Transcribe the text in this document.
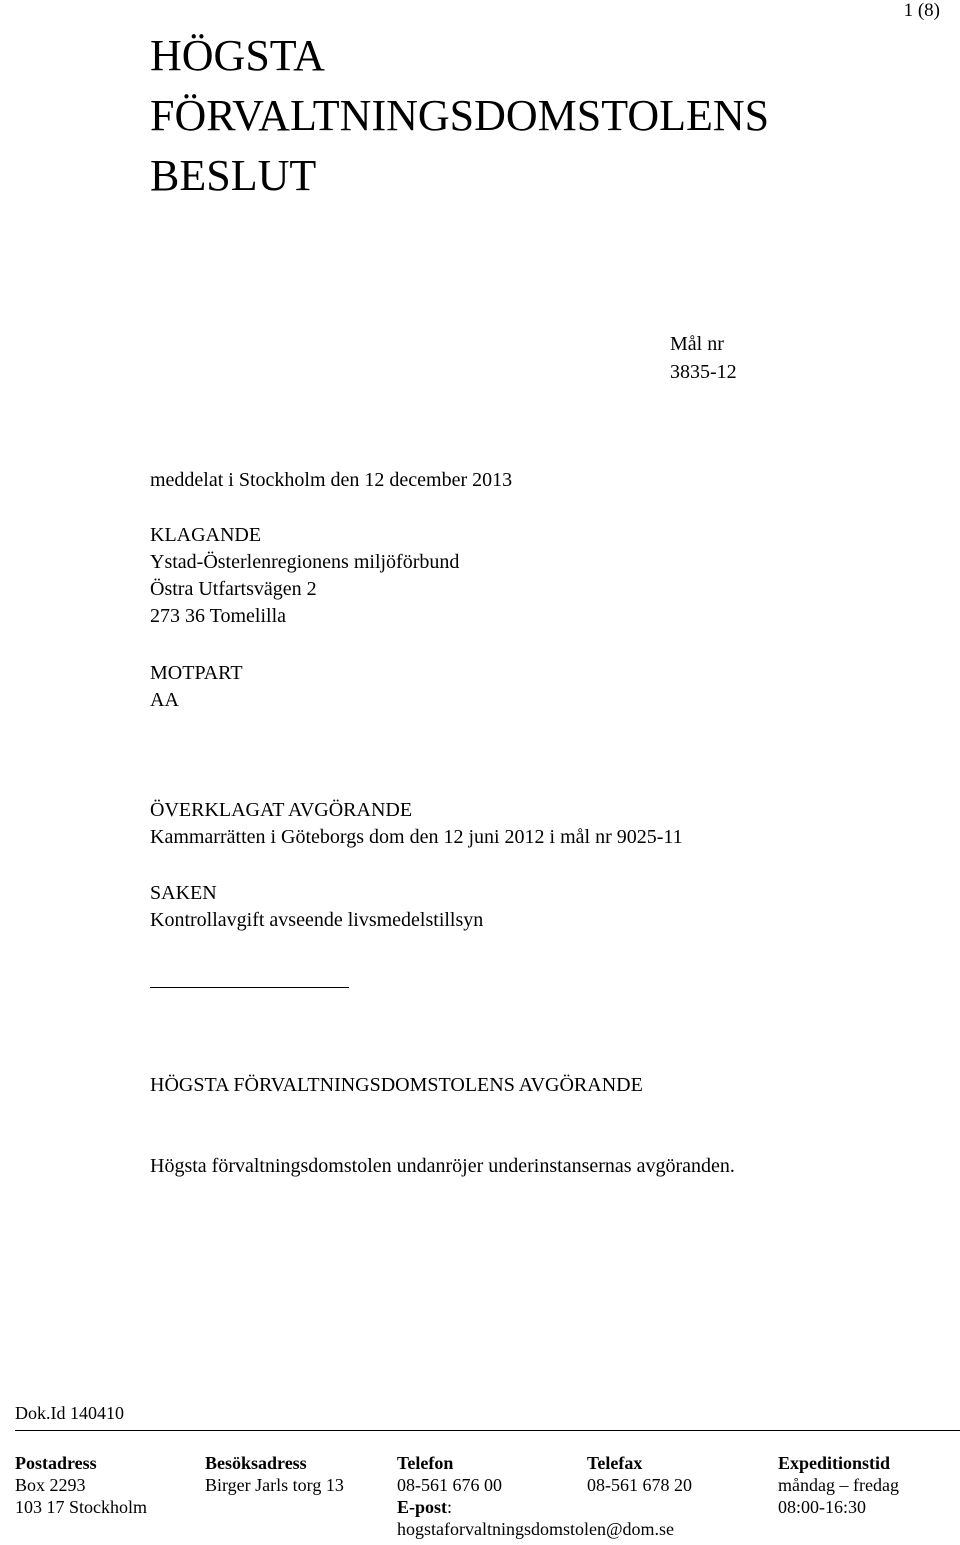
1 (8)
HÖGSTA
FÖRVALTNINGSDOMSTOLENS
BESLUT
Mål nr
3835-12
meddelat i Stockholm den 12 december 2013
KLAGANDE
Ystad-Österlenregionens miljöförbund
Östra Utfartsvägen 2
273 36 Tomelilla
MOTPART
AA
ÖVERKLAGAT AVGÖRANDE
Kammarrätten i Göteborgs dom den 12 juni 2012 i mål nr 9025-11
SAKEN
Kontrollavgift avseende livsmedelstillsyn
HÖGSTA FÖRVALTNINGSDOMSTOLENS AVGÖRANDE
Högsta förvaltningsdomstolen undanröjer underinstansernas avgöranden.
Dok.Id 140410
Postadress
Box 2293
103 17 Stockholm
Besöksadress
Birger Jarls torg 13
Telefon
08-561 676 00
E-post:
hogstaforvaltningsdomstolen@dom.se
Telefax
08-561 678 20
Expeditionstid
måndag – fredag
08:00-16:30
